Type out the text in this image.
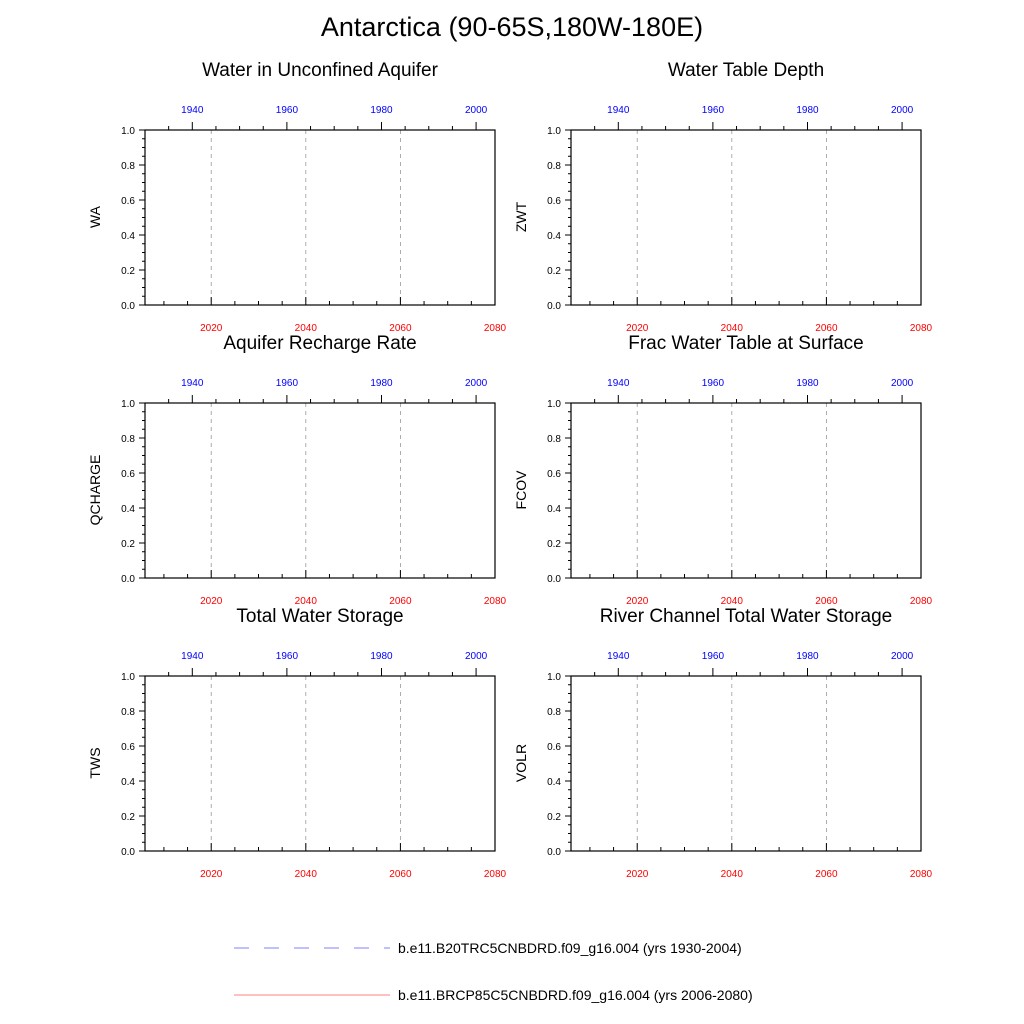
Antarctica (90-65S,180W-180E)
Water in Unconfined Aquifer
WA
0.0
0.2
0.4
0.6
0.8
1.0
2020	2040	2060	2080
1940	1960	1980	2000
Water Table Depth
ZWT
0.0
0.2
0.4
0.6
0.8
1.0
2020	2040	2060	2080
1940	1960	1980	2000
Aquifer Recharge Rate
QCHARGE
0.0
0.2
0.4
0.6
0.8
1.0
2020	2040	2060	2080
1940	1960	1980	2000
Frac Water Table at Surface
FCOV
0.0
0.2
0.4
0.6
0.8
1.0
2020	2040	2060	2080
1940	1960	1980	2000
Total Water Storage
TWS
0.0
0.2
0.4
0.6
0.8
1.0
2020	2040	2060	2080
1940	1960	1980	2000
River Channel Total Water Storage
VOLR
0.0
0.2
0.4
0.6
0.8
1.0
2020	2040	2060	2080
1940	1960	1980	2000
b.e11.B20TRC5CNBDRD.f09_g16.004 (yrs 1930-2004)
b.e11.BRCP85C5CNBDRD.f09_g16.004 (yrs 2006-2080)
